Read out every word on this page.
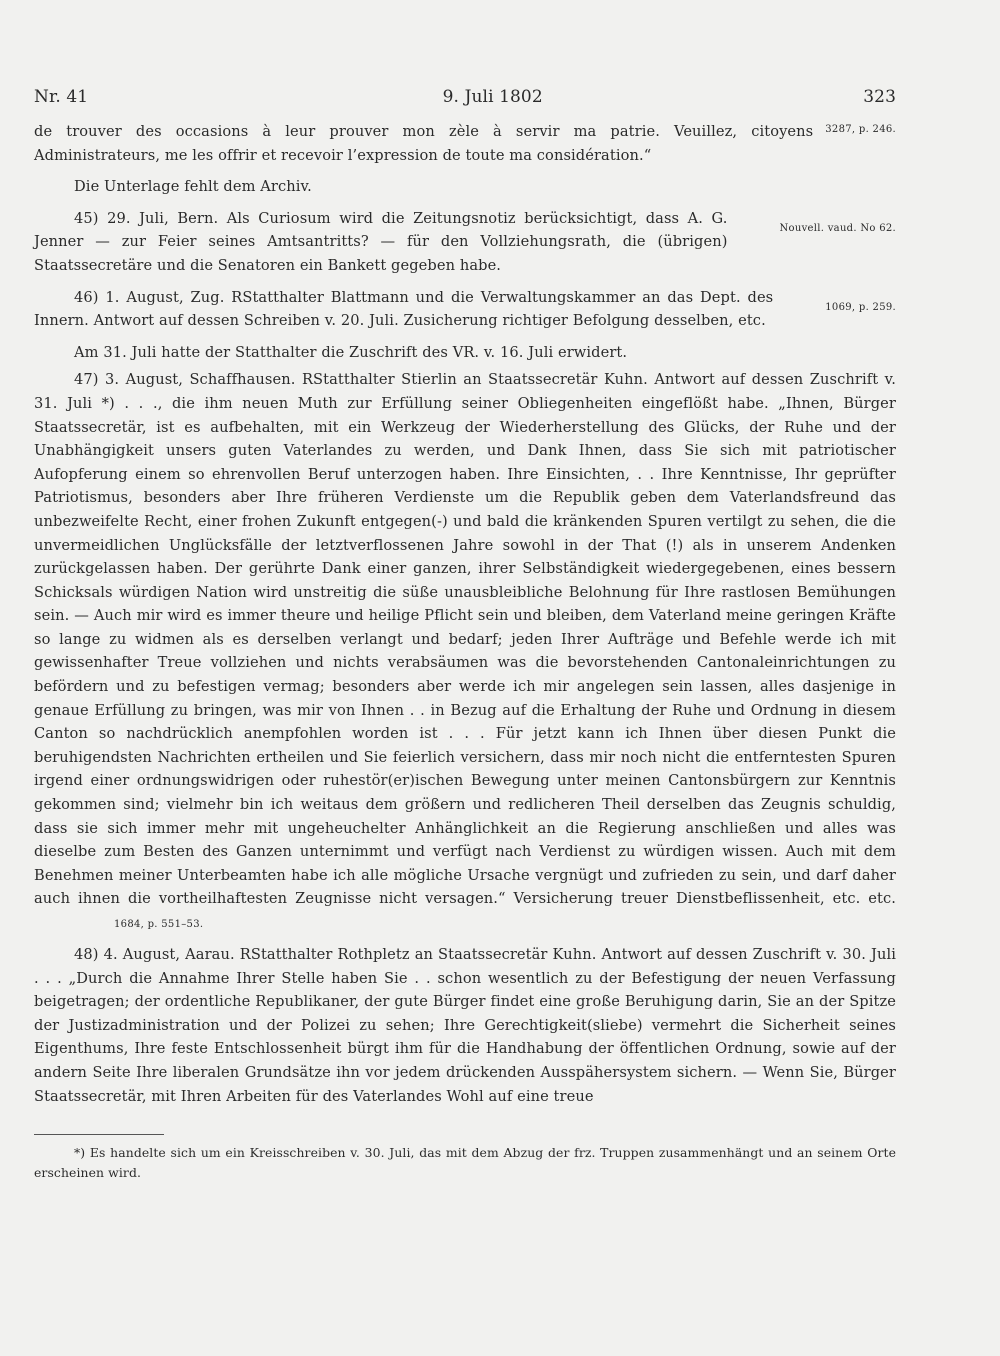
Nr. 41	9. Juli 1802	323

3287, p. 246.
de trouver des occasions à leur prouver mon zèle à servir ma patrie. Veuillez, citoyens Administrateurs, me les offrir et recevoir l’expression de toute ma considération.“

Die Unterlage fehlt dem Archiv.

Nouvell. vaud. No 62.
45) 29. Juli, Bern. Als Curiosum wird die Zeitungsnotiz berücksichtigt, dass A. G. Jenner — zur Feier seines Amtsantritts? — für den Vollziehungsrath, die (übrigen) Staatssecretäre und die Senatoren ein Bankett gegeben habe.

1069, p. 259.
46) 1. August, Zug. RStatthalter Blattmann und die Verwaltungskammer an das Dept. des Innern. Antwort auf dessen Schreiben v. 20. Juli. Zusicherung richtiger Befolgung desselben, etc.

Am 31. Juli hatte der Statthalter die Zuschrift des VR. v. 16. Juli erwidert.

47) 3. August, Schaffhausen. RStatthalter Stierlin an Staatssecretär Kuhn. Antwort auf dessen Zuschrift v. 31. Juli *) . . ., die ihm neuen Muth zur Erfüllung seiner Obliegenheiten eingeflößt habe. „Ihnen, Bürger Staatssecretär, ist es aufbehalten, mit ein Werkzeug der Wiederherstellung des Glücks, der Ruhe und der Unabhängigkeit unsers guten Vaterlandes zu werden, und Dank Ihnen, dass Sie sich mit patriotischer Aufopferung einem so ehrenvollen Beruf unterzogen haben. Ihre Einsichten, . . Ihre Kenntnisse, Ihr geprüfter Patriotismus, besonders aber Ihre früheren Verdienste um die Republik geben dem Vaterlandsfreund das unbezweifelte Recht, einer frohen Zukunft entgegen(-) und bald die kränkenden Spuren vertilgt zu sehen, die die unvermeidlichen Unglücksfälle der letztverflossenen Jahre sowohl in der That (!) als in unserem Andenken zurückgelassen haben. Der gerührte Dank einer ganzen, ihrer Selbständigkeit wiedergegebenen, eines bessern Schicksals würdigen Nation wird unstreitig die süße unausbleibliche Belohnung für Ihre rastlosen Bemühungen sein. — Auch mir wird es immer theure und heilige Pflicht sein und bleiben, dem Vaterland meine geringen Kräfte so lange zu widmen als es derselben verlangt und bedarf; jeden Ihrer Aufträge und Befehle werde ich mit gewissenhafter Treue vollziehen und nichts verabsäumen was die bevorstehenden Cantonaleinrichtungen zu befördern und zu befestigen vermag; besonders aber werde ich mir angelegen sein lassen, alles dasjenige in genaue Erfüllung zu bringen, was mir von Ihnen . . in Bezug auf die Erhaltung der Ruhe und Ordnung in diesem Canton so nachdrücklich anempfohlen worden ist . . . Für jetzt kann ich Ihnen über diesen Punkt die beruhigendsten Nachrichten ertheilen und Sie feierlich versichern, dass mir noch nicht die entferntesten Spuren irgend einer ordnungswidrigen oder ruhestör(er)ischen Bewegung unter meinen Cantonsbürgern zur Kenntnis gekommen sind; vielmehr bin ich weitaus dem größern und redlicheren Theil derselben das Zeugnis schuldig, dass sie sich immer mehr mit ungeheuchelter Anhänglichkeit an die Regierung anschließen und alles was dieselbe zum Besten des Ganzen unternimmt und verfügt nach Verdienst zu würdigen wissen. Auch mit dem Benehmen meiner Unterbeamten habe ich alle mögliche Ursache vergnügt und zufrieden zu sein, und darf daher auch ihnen die vortheilhaftesten Zeugnisse nicht versagen.“ Versicherung treuer Dienstbeflissenheit, etc. etc.1684, p. 551–53.

48) 4. August, Aarau. RStatthalter Rothpletz an Staatssecretär Kuhn. Antwort auf dessen Zuschrift v. 30. Juli . . . „Durch die Annahme Ihrer Stelle haben Sie . . schon wesentlich zu der Befestigung der neuen Verfassung beigetragen; der ordentliche Republikaner, der gute Bürger findet eine große Beruhigung darin, Sie an der Spitze der Justizadministration und der Polizei zu sehen; Ihre Gerechtigkeit(sliebe) vermehrt die Sicherheit seines Eigenthums, Ihre feste Entschlossenheit bürgt ihm für die Handhabung der öffentlichen Ordnung, sowie auf der andern Seite Ihre liberalen Grundsätze ihn vor jedem drückenden Ausspähersystem sichern. — Wenn Sie, Bürger Staatssecretär, mit Ihren Arbeiten für des Vaterlandes Wohl auf eine treue

*) Es handelte sich um ein Kreisschreiben v. 30. Juli, das mit dem Abzug der frz. Truppen zusammenhängt und an seinem Orte erscheinen wird.
